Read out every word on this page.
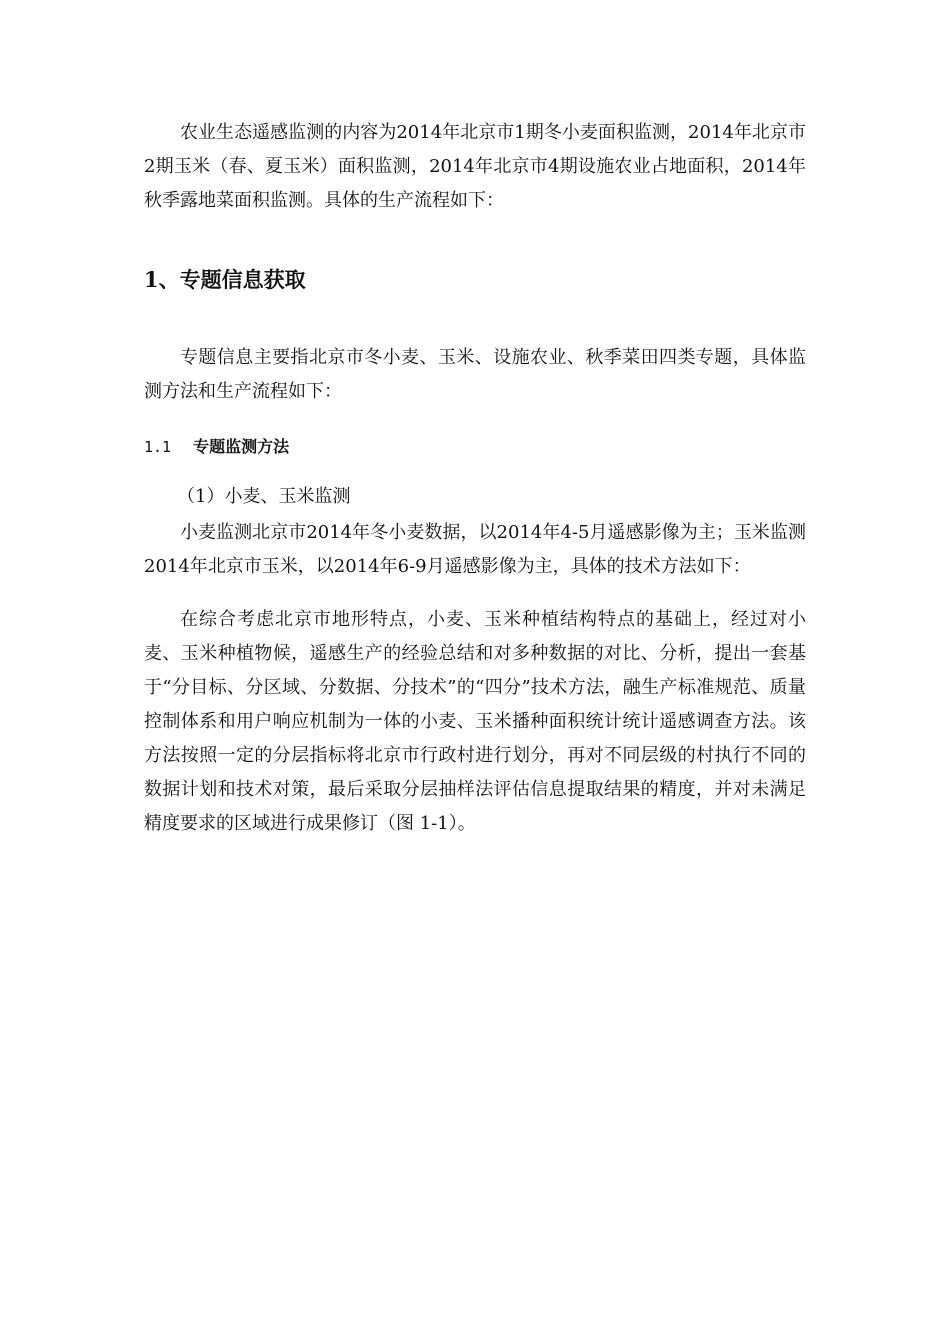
农业生态遥感监测的内容为2014年北京市1期冬小麦面积监测，2014年北京市2期玉米（春、夏玉米）面积监测，2014年北京市4期设施农业占地面积，2014年秋季露地菜面积监测。具体的生产流程如下：

1、专题信息获取

专题信息主要指北京市冬小麦、玉米、设施农业、秋季菜田四类专题，具体监测方法和生产流程如下：

1.1 专题监测方法

（1）小麦、玉米监测

小麦监测北京市2014年冬小麦数据，以2014年4-5月遥感影像为主；玉米监测2014年北京市玉米，以2014年6-9月遥感影像为主，具体的技术方法如下：

在综合考虑北京市地形特点，小麦、玉米种植结构特点的基础上，经过对小麦、玉米种植物候，遥感生产的经验总结和对多种数据的对比、分析，提出一套基于“分目标、分区域、分数据、分技术”的“四分”技术方法，融生产标准规范、质量控制体系和用户响应机制为一体的小麦、玉米播种面积统计统计遥感调查方法。该方法按照一定的分层指标将北京市行政村进行划分，再对不同层级的村执行不同的数据计划和技术对策，最后采取分层抽样法评估信息提取结果的精度，并对未满足精度要求的区域进行成果修订（图 1-1）。
